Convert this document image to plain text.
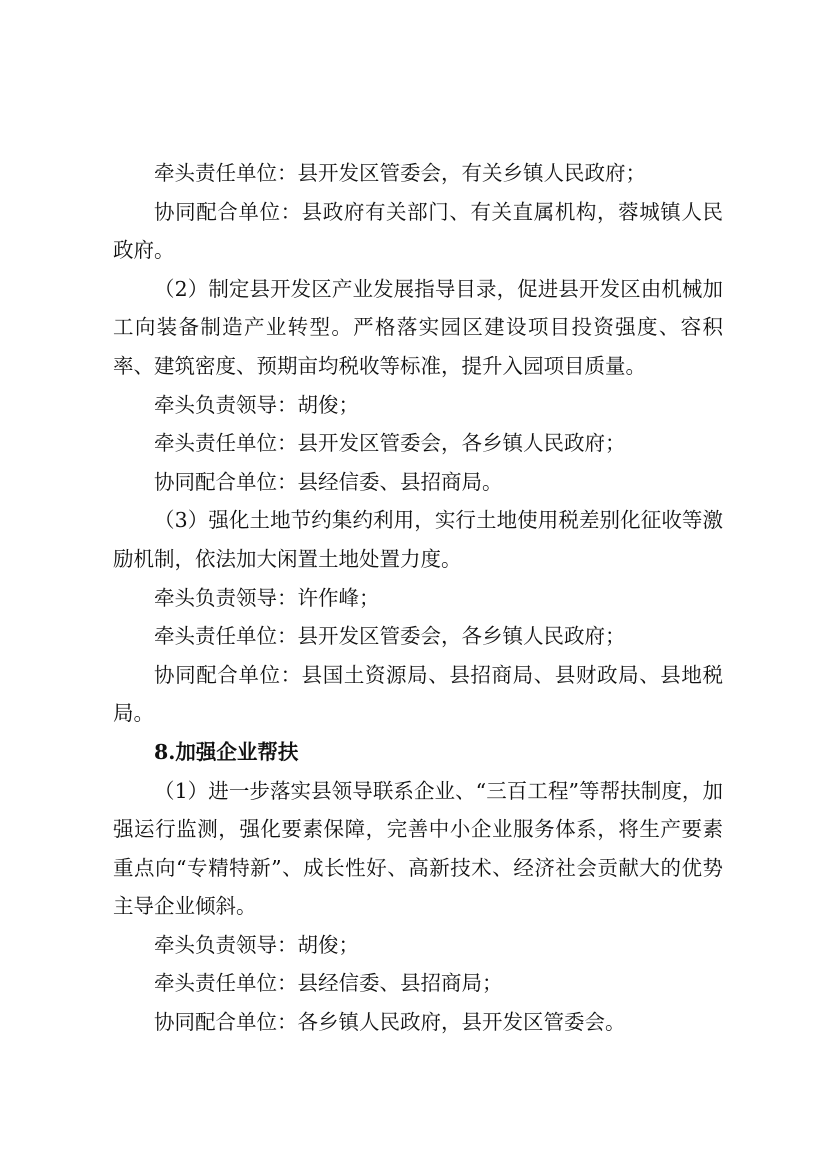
牵头责任单位：县开发区管委会，有关乡镇人民政府；

协同配合单位：县政府有关部门、有关直属机构，蓉城镇人民政府。

（2）制定县开发区产业发展指导目录，促进县开发区由机械加工向装备制造产业转型。严格落实园区建设项目投资强度、容积率、建筑密度、预期亩均税收等标准，提升入园项目质量。

牵头负责领导：胡俊；

牵头责任单位：县开发区管委会，各乡镇人民政府；

协同配合单位：县经信委、县招商局。

（3）强化土地节约集约利用，实行土地使用税差别化征收等激励机制，依法加大闲置土地处置力度。

牵头负责领导：许作峰；

牵头责任单位：县开发区管委会，各乡镇人民政府；

协同配合单位：县国土资源局、县招商局、县财政局、县地税局。

8.加强企业帮扶

（1）进一步落实县领导联系企业、“三百工程”等帮扶制度，加强运行监测，强化要素保障，完善中小企业服务体系，将生产要素重点向“专精特新”、成长性好、高新技术、经济社会贡献大的优势主导企业倾斜。

牵头负责领导：胡俊；

牵头责任单位：县经信委、县招商局；

协同配合单位：各乡镇人民政府，县开发区管委会。
